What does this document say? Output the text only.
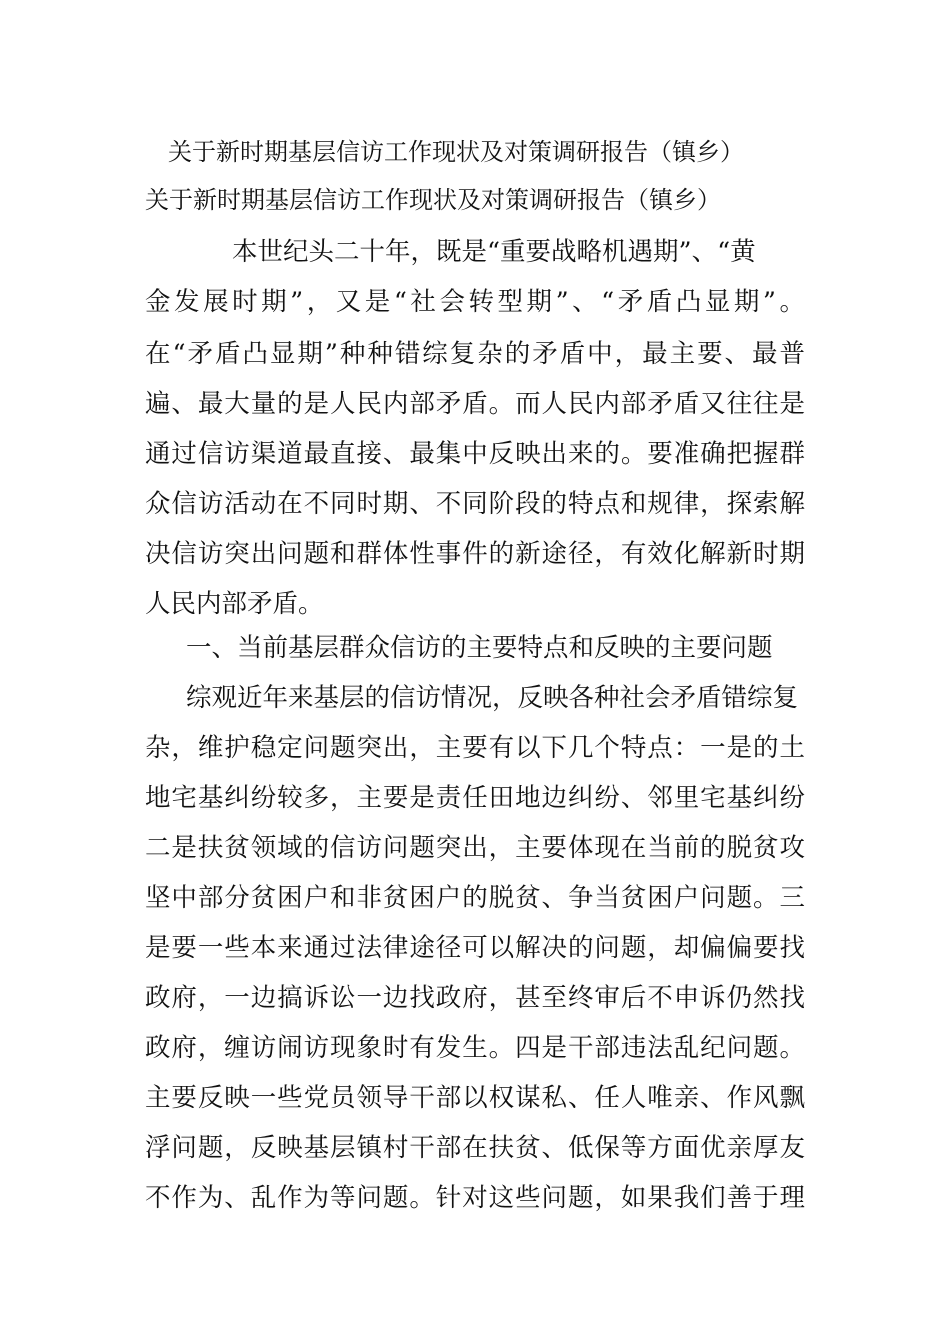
关于新时期基层信访工作现状及对策调研报告（镇乡）
关于新时期基层信访工作现状及对策调研报告（镇乡）
本世纪头二十年，既是“重要战略机遇期”、“黄
金发展时期”，又是“社会转型期”、“矛盾凸显期”。
在“矛盾凸显期”种种错综复杂的矛盾中，最主要、最普
遍、最大量的是人民内部矛盾。而人民内部矛盾又往往是
通过信访渠道最直接、最集中反映出来的。要准确把握群
众信访活动在不同时期、不同阶段的特点和规律，探索解
决信访突出问题和群体性事件的新途径，有效化解新时期
人民内部矛盾。
一、当前基层群众信访的主要特点和反映的主要问题
综观近年来基层的信访情况，反映各种社会矛盾错综复
杂，维护稳定问题突出，主要有以下几个特点：一是的土
地宅基纠纷较多，主要是责任田地边纠纷、邻里宅基纠纷
二是扶贫领域的信访问题突出，主要体现在当前的脱贫攻
坚中部分贫困户和非贫困户的脱贫、争当贫困户问题。三
是要一些本来通过法律途径可以解决的问题，却偏偏要找
政府，一边搞诉讼一边找政府，甚至终审后不申诉仍然找
政府，缠访闹访现象时有发生。四是干部违法乱纪问题。
主要反映一些党员领导干部以权谋私、任人唯亲、作风飘
浮问题，反映基层镇村干部在扶贫、低保等方面优亲厚友
不作为、乱作为等问题。针对这些问题，如果我们善于理
